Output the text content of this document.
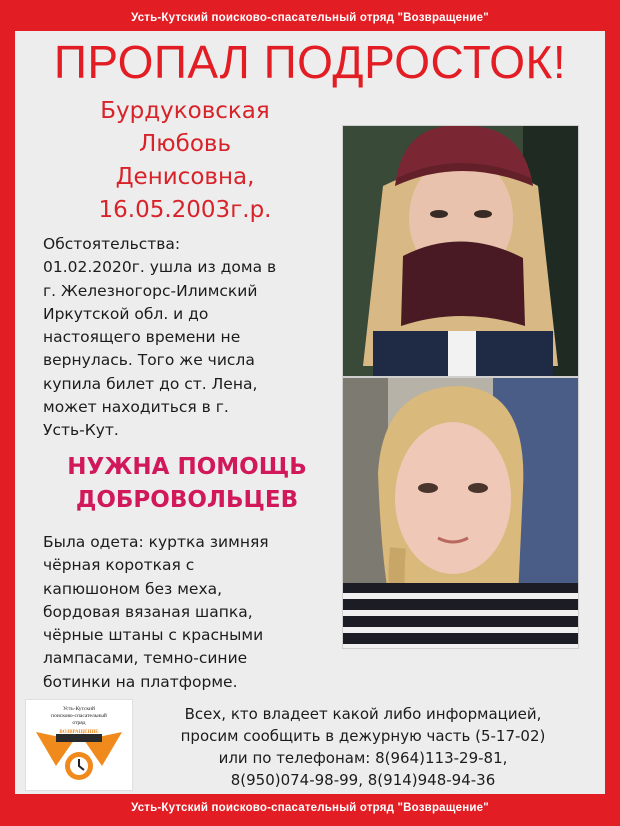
Усть-Кутский поисково-спасательный отряд "Возвращение"
ПРОПАЛ ПОДРОСТОК!
Бурдуковская
Любовь
Денисовна,
16.05.2003г.р.
Обстоятельства:
01.02.2020г. ушла из дома в
г. Железногорс-Илимский
Иркутской обл. и до
настоящего времени не
вернулась. Того же числа
купила билет до ст. Лена,
может находиться в г.
Усть-Кут.
НУЖНА ПОМОЩЬ
ДОБРОВОЛЬЦЕВ
Была одета: куртка зимняя
чёрная короткая с
капюшоном без меха,
бордовая вязаная шапка,
чёрные штаны с красными
лампасами, темно-синие
ботинки на платформе.
Усть-Кутский
поисково-спасательный
отряд
ВОЗВРАЩЕНИЕ
Всех, кто владеет какой либо информацией,
просим сообщить в дежурную часть (5-17-02)
или по телефонам: 8(964)113-29-81,
8(950)074-98-99, 8(914)948-94-36
Усть-Кутский поисково-спасательный отряд "Возвращение"
